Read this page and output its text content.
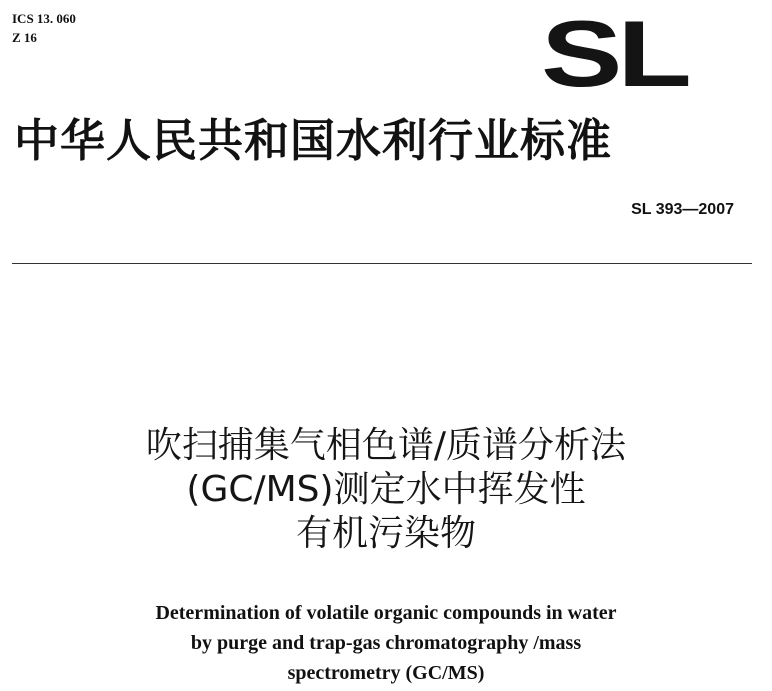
ICS 13. 060
Z 16	SL
中华人民共和国水利行业标准
SL 393—2007
吹扫捕集气相色谱/质谱分析法
(GC/MS)测定水中挥发性
有机污染物
Determination of volatile organic compounds in water
by purge and trap-gas chromatography /mass
spectrometry (GC/MS)
